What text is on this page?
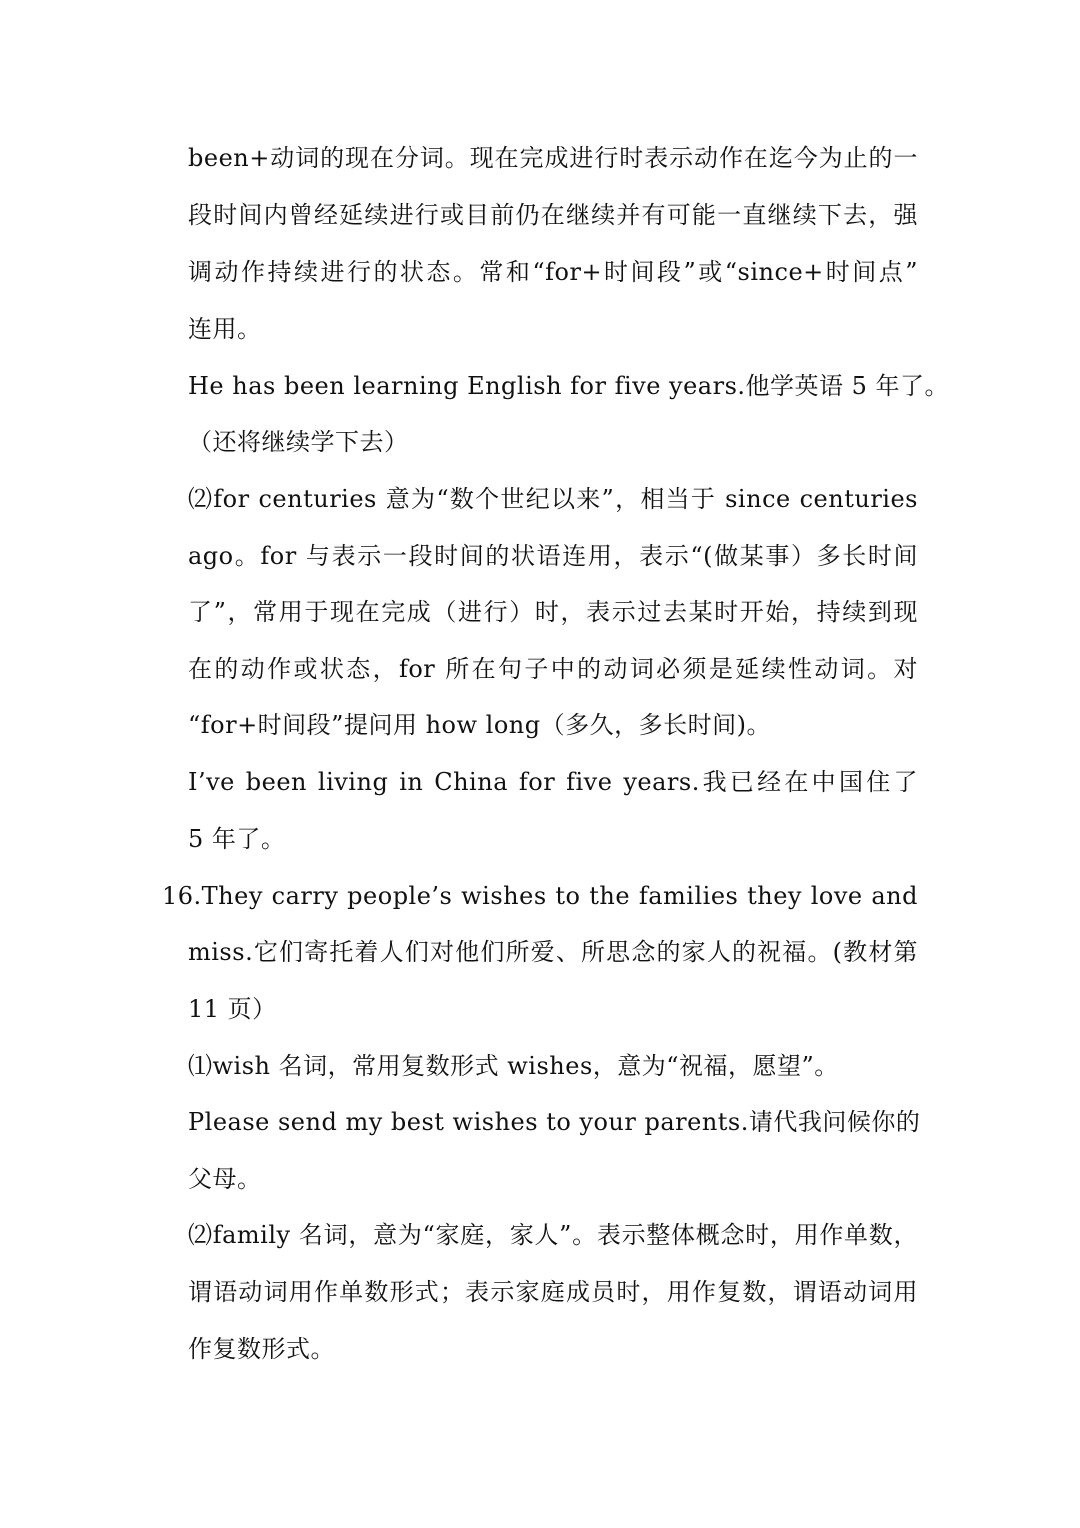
been+动词的现在分词。现在完成进行时表示动作在迄今为止的一
段时间内曾经延续进行或目前仍在继续并有可能一直继续下去，强
调动作持续进行的状态。常和“for+时间段”或“since+时间点”
连用。
He has been learning English for five years.他学英语 5 年了。
（还将继续学下去）
⑵for centuries 意为“数个世纪以来”，相当于 since centuries
ago。for 与表示一段时间的状语连用，表示“(做某事）多长时间
了”，常用于现在完成（进行）时，表示过去某时开始，持续到现
在的动作或状态，for 所在句子中的动词必须是延续性动词。对
“for+时间段”提问用 how long（多久，多长时间)。
I’ve been living in China for five years.我已经在中国住了
5 年了。
16.They carry people’s wishes to the families they love and
miss.它们寄托着人们对他们所爱、所思念的家人的祝福。(教材第
11 页）
⑴wish 名词，常用复数形式 wishes，意为“祝福，愿望”。
Please send my best wishes to your parents.请代我问候你的
父母。
⑵family 名词，意为“家庭，家人”。表示整体概念时，用作单数，
谓语动词用作单数形式；表示家庭成员时，用作复数，谓语动词用
作复数形式。
